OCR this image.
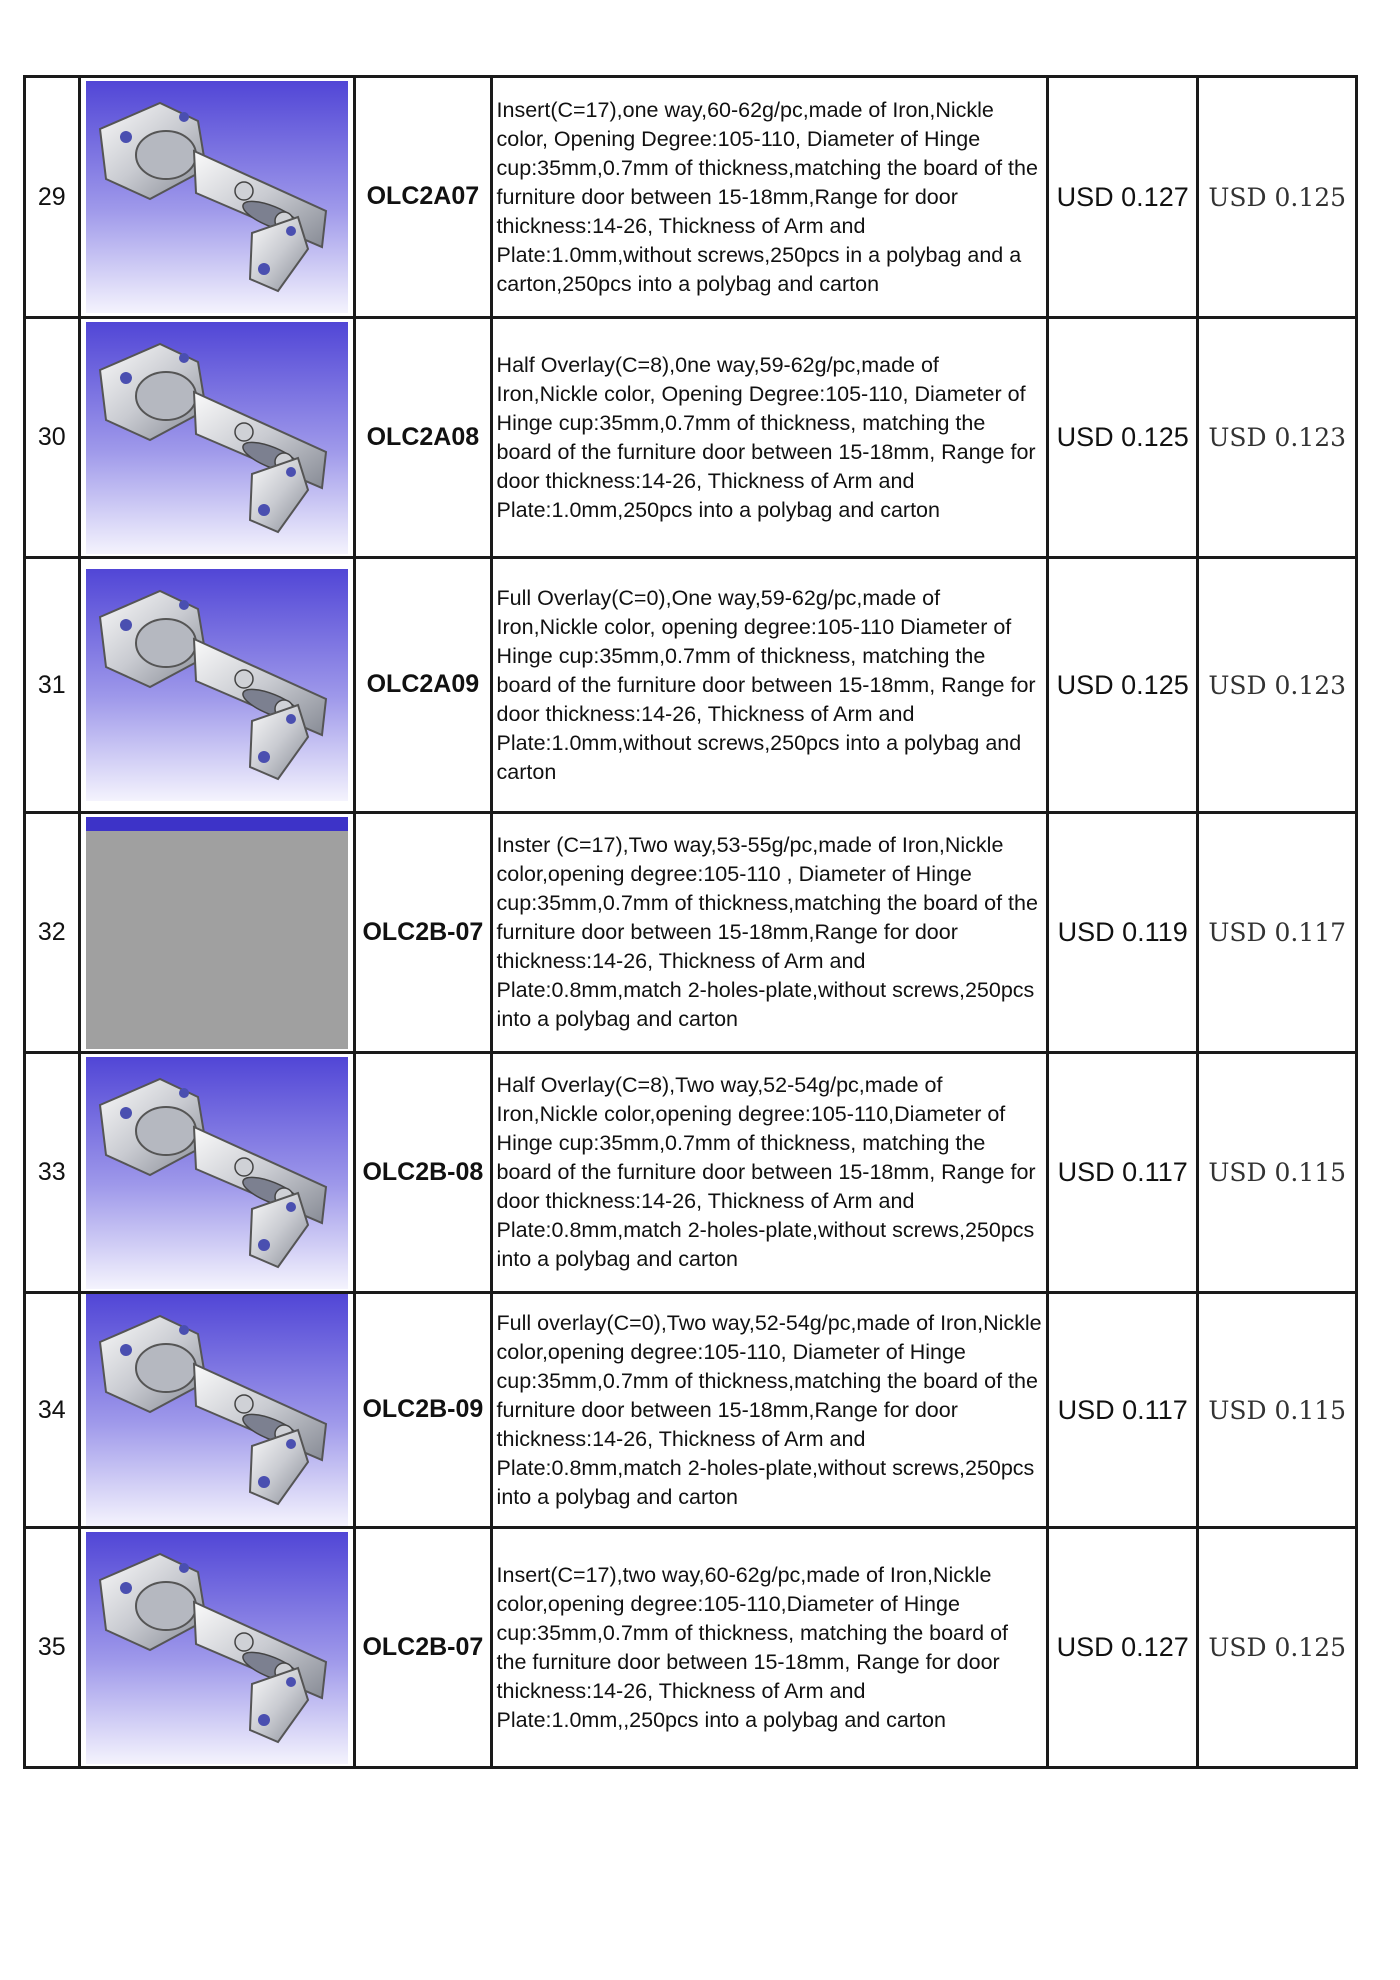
29		OLC2A07	Insert(C=17),one way,60-62g/pc,made of Iron,Nickle color, Opening Degree:105-110, Diameter of Hinge cup:35mm,0.7mm of thickness,matching the board of the furniture door between 15-18mm,Range for door thickness:14-26, Thickness of Arm and Plate:1.0mm,without screws,250pcs in a polybag and a carton,250pcs into a polybag and carton	USD 0.127	USD 0.125
30		OLC2A08	Half Overlay(C=8),0ne way,59-62g/pc,made of Iron,Nickle color, Opening Degree:105-110, Diameter of Hinge cup:35mm,0.7mm of thickness, matching the board of the furniture door between 15-18mm, Range for door thickness:14-26, Thickness of Arm and Plate:1.0mm,250pcs into a polybag and carton	USD 0.125	USD 0.123
31		OLC2A09	Full Overlay(C=0),One way,59-62g/pc,made of Iron,Nickle color, opening degree:105-110 Diameter of Hinge cup:35mm,0.7mm of thickness, matching the board of the furniture door between 15-18mm, Range for door thickness:14-26, Thickness of Arm and Plate:1.0mm,without screws,250pcs into a polybag and carton	USD 0.125	USD 0.123
32		OLC2B-07	Inster (C=17),Two way,53-55g/pc,made of Iron,Nickle color,opening degree:105-110 , Diameter of Hinge cup:35mm,0.7mm of thickness,matching the board of the furniture door between 15-18mm,Range for door thickness:14-26, Thickness of Arm and Plate:0.8mm,match 2-holes-plate,without screws,250pcs into a polybag and carton	USD 0.119	USD 0.117
33		OLC2B-08	Half Overlay(C=8),Two way,52-54g/pc,made of Iron,Nickle color,opening degree:105-110,Diameter of Hinge cup:35mm,0.7mm of thickness, matching the board of the furniture door between 15-18mm, Range for door thickness:14-26, Thickness of Arm and Plate:0.8mm,match 2-holes-plate,without screws,250pcs into a polybag and carton	USD 0.117	USD 0.115
34		OLC2B-09	Full overlay(C=0),Two way,52-54g/pc,made of Iron,Nickle color,opening degree:105-110, Diameter of Hinge cup:35mm,0.7mm of thickness,matching the board of the furniture door between 15-18mm,Range for door thickness:14-26, Thickness of Arm and Plate:0.8mm,match 2-holes-plate,without screws,250pcs into a polybag and carton	USD 0.117	USD 0.115
35		OLC2B-07	Insert(C=17),two way,60-62g/pc,made of Iron,Nickle color,opening degree:105-110,Diameter of Hinge cup:35mm,0.7mm of thickness, matching the board of the furniture door between 15-18mm, Range for door thickness:14-26, Thickness of Arm and Plate:1.0mm,,250pcs into a polybag and carton	USD 0.127	USD 0.125
